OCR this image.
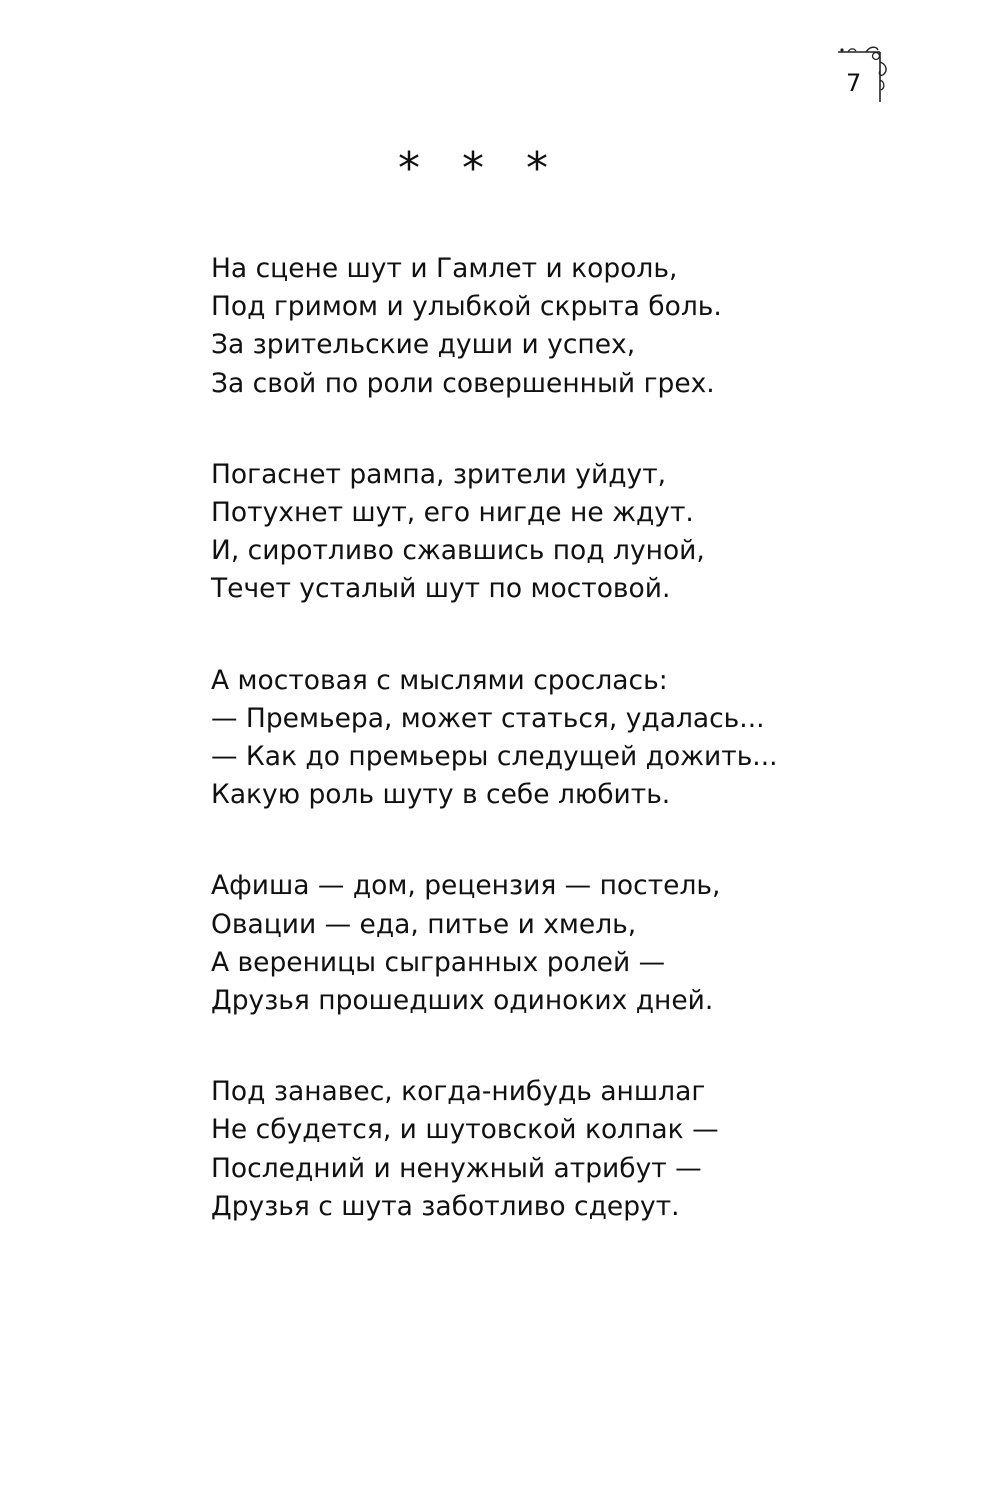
7
* * *
На сцене шут и Гамлет и король,
Под гримом и улыбкой скрыта боль.
За зрительские души и успех,
За свой по роли совершенный грех.
Погаснет рампа, зрители уйдут,
Потухнет шут, его нигде не ждут.
И, сиротливо сжавшись под луной,
Течет усталый шут по мостовой.
А мостовая с мыслями срослась:
— Премьера, может статься, удалась...
— Как до премьеры следущей дожить...
Какую роль шуту в себе любить.
Афиша — дом, рецензия — постель,
Овации — еда, питье и хмель,
А вереницы сыгранных ролей —
Друзья прошедших одиноких дней.
Под занавес, когда-нибудь аншлаг
Не сбудется, и шутовской колпак —
Последний и ненужный атрибут —
Друзья с шута заботливо сдерут.
